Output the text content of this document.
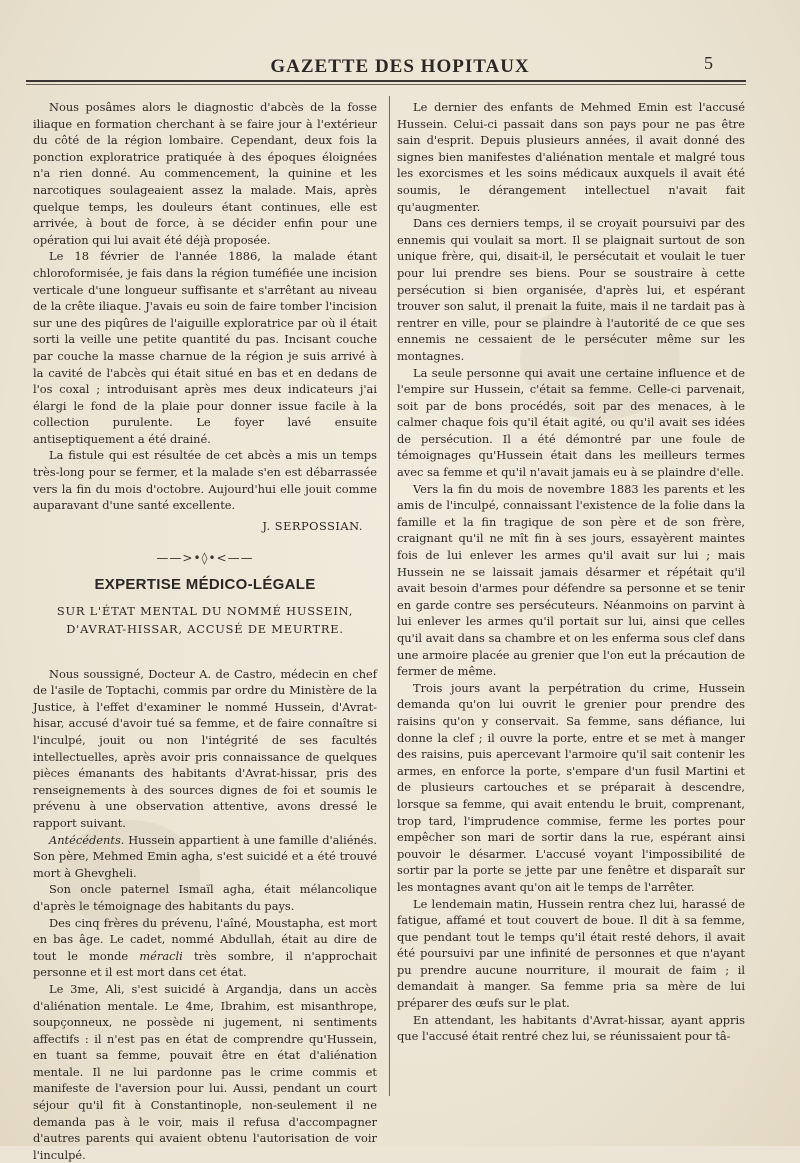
GAZETTE DES HOPITAUX	5

Nous posâmes alors le diagnostic d'abcès de la fosse iliaque en formation cherchant à se faire jour à l'extérieur du côté de la région lombaire. Cependant, deux fois la ponction exploratrice pratiquée à des époques éloignées n'a rien donné. Au commencement, la quinine et les narcotiques soulageaient assez la malade. Mais, après quelque temps, les douleurs étant continues, elle est arrivée, à bout de force, à se décider enfin pour une opération qui lui avait été déjà proposée.

Le 18 février de l'année 1886, la malade étant chloroformisée, je fais dans la région tuméfiée une incision verticale d'une longueur suffisante et s'arrêtant au niveau de la crête iliaque. J'avais eu soin de faire tomber l'incision sur une des piqûres de l'aiguille exploratrice par où il était sorti la veille une petite quantité du pas. Incisant couche par couche la masse charnue de la région je suis arrivé à la cavité de l'abcès qui était situé en bas et en dedans de l'os coxal ; introduisant après mes deux indicateurs j'ai élargi le fond de la plaie pour donner issue facile à la collection purulente. Le foyer lavé ensuite antiseptiquement a été drainé.

La fistule qui est résultée de cet abcès a mis un temps très-long pour se fermer, et la malade s'en est débarrassée vers la fin du mois d'octobre. Aujourd'hui elle jouit comme auparavant d'une santé excellente.

J. SERPOSSIAN.

——>•◊•<——
EXPERTISE MÉDICO-LÉGALE

SUR L'ÉTAT MENTAL DU NOMMÉ HUSSEIN,
D'AVRAT-HISSAR, ACCUSÉ DE MEURTRE.

Nous soussigné, Docteur A. de Castro, médecin en chef de l'asile de Toptachi, commis par ordre du Ministère de la Justice, à l'effet d'examiner le nommé Hussein, d'Avrat-hisar, accusé d'avoir tué sa femme, et de faire connaître si l'inculpé, jouit ou non l'intégrité de ses facultés intellectuelles, après avoir pris connaissance de quelques pièces émanants des habitants d'Avrat-hissar, pris des renseignements à des sources dignes de foi et soumis le prévenu à une observation attentive, avons dressé le rapport suivant.

Antécédents. Hussein appartient à une famille d'aliénés. Son père, Mehmed Emin agha, s'est suicidé et a été trouvé mort à Ghevgheli.

Son oncle paternel Ismaïl agha, était mélancolique d'après le témoignage des habitants du pays.

Des cinq frères du prévenu, l'aîné, Moustapha, est mort en bas âge. Le cadet, nommé Abdullah, était au dire de tout le monde méracli très sombre, il n'approchait personne et il est mort dans cet état.

Le 3me, Ali, s'est suicidé à Argandja, dans un accès d'aliénation mentale. Le 4me, Ibrahim, est misanthrope, soupçonneux, ne possède ni jugement, ni sentiments affectifs : il n'est pas en état de comprendre qu'Hussein, en tuant sa femme, pouvait être en état d'aliénation mentale. Il ne lui pardonne pas le crime commis et manifeste de l'aversion pour lui. Aussi, pendant un court séjour qu'il fit à Constantinople, non-seulement il ne demanda pas à le voir, mais il refusa d'accompagner d'autres parents qui avaient obtenu l'autorisation de voir l'inculpé.

Le dernier des enfants de Mehmed Emin est l'accusé Hussein. Celui-ci passait dans son pays pour ne pas être sain d'esprit. Depuis plusieurs années, il avait donné des signes bien manifestes d'aliénation mentale et malgré tous les exorcismes et les soins médicaux auxquels il avait été soumis, le dérangement intellectuel n'avait fait qu'augmenter.

Dans ces derniers temps, il se croyait poursuivi par des ennemis qui voulait sa mort. Il se plaignait surtout de son unique frère, qui, disait-il, le persécutait et voulait le tuer pour lui prendre ses biens. Pour se soustraire à cette persécution si bien organisée, d'après lui, et espérant trouver son salut, il prenait la fuite, mais il ne tardait pas à rentrer en ville, pour se plaindre à l'autorité de ce que ses ennemis ne cessaient de le persécuter même sur les montagnes.

La seule personne qui avait une certaine influence et de l'empire sur Hussein, c'était sa femme. Celle-ci parvenait, soit par de bons procédés, soit par des menaces, à le calmer chaque fois qu'il était agité, ou qu'il avait ses idées de persécution. Il a été démontré par une foule de témoignages qu'Hussein était dans les meilleurs termes avec sa femme et qu'il n'avait jamais eu à se plaindre d'elle.

Vers la fin du mois de novembre 1883 les parents et les amis de l'inculpé, connaissant l'existence de la folie dans la famille et la fin tragique de son père et de son frère, craignant qu'il ne mît fin à ses jours, essayèrent maintes fois de lui enlever les armes qu'il avait sur lui ; mais Hussein ne se laissait jamais désarmer et répétait qu'il avait besoin d'armes pour défendre sa personne et se tenir en garde contre ses persécuteurs. Néanmoins on parvint à lui enlever les armes qu'il portait sur lui, ainsi que celles qu'il avait dans sa chambre et on les enferma sous clef dans une armoire placée au grenier que l'on eut la précaution de fermer de même.

Trois jours avant la perpétration du crime, Hussein demanda qu'on lui ouvrit le grenier pour prendre des raisins qu'on y conservait. Sa femme, sans défiance, lui donne la clef ; il ouvre la porte, entre et se met à manger des raisins, puis apercevant l'armoire qu'il sait contenir les armes, en enforce la porte, s'empare d'un fusil Martini et de plusieurs cartouches et se préparait à descendre, lorsque sa femme, qui avait entendu le bruit, comprenant, trop tard, l'imprudence commise, ferme les portes pour empêcher son mari de sortir dans la rue, espérant ainsi pouvoir le désarmer. L'accusé voyant l'impossibilité de sortir par la porte se jette par une fenêtre et disparaît sur les montagnes avant qu'on ait le temps de l'arrêter.

Le lendemain matin, Hussein rentra chez lui, harassé de fatigue, affamé et tout couvert de boue. Il dit à sa femme, que pendant tout le temps qu'il était resté dehors, il avait été poursuivi par une infinité de personnes et que n'ayant pu prendre aucune nourriture, il mourait de faim ; il demandait à manger. Sa femme pria sa mère de lui préparer des œufs sur le plat.

En attendant, les habitants d'Avrat-hissar, ayant appris que l'accusé était rentré chez lui, se réunissaient pour tâ-
